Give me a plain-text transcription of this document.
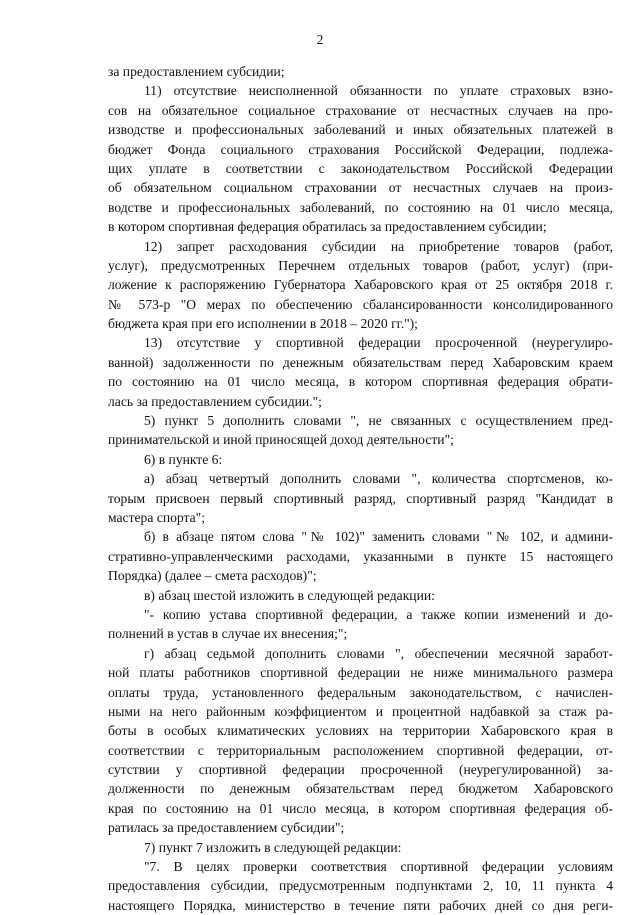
2
за предоставлением субсидии;
11) отсутствие неисполненной обязанности по уплате страховых взно-
сов на обязательное социальное страхование от несчастных случаев на про-
изводстве и профессиональных заболеваний и иных обязательных платежей в
бюджет Фонда социального страхования Российской Федерации, подлежа-
щих уплате в соответствии с законодательством Российской Федерации
об обязательном социальном страховании от несчастных случаев на произ-
водстве и профессиональных заболеваний, по состоянию на 01 число месяца,
в котором спортивная федерация обратилась за предоставлением субсидии;
12) запрет расходования субсидии на приобретение товаров (работ,
услуг), предусмотренных Перечнем отдельных товаров (работ, услуг) (при-
ложение к распоряжению Губернатора Хабаровского края от 25 октября 2018 г.
№ 573-р "О мерах по обеспечению сбалансированности консолидированного
бюджета края при его исполнении в 2018 – 2020 гг.");
13) отсутствие у спортивной федерации просроченной (неурегулиро-
ванной) задолженности по денежным обязательствам перед Хабаровским краем
по состоянию на 01 число месяца, в котором спортивная федерация обрати-
лась за предоставлением субсидии.";
5) пункт 5 дополнить словами ", не связанных с осуществлением пред-
принимательской и иной приносящей доход деятельности";
6) в пункте 6:
а) абзац четвертый дополнить словами ", количества спортсменов, ко-
торым присвоен первый спортивный разряд, спортивный разряд "Кандидат в
мастера спорта";
б) в абзаце пятом слова "№ 102)" заменить словами "№ 102, и админи-
стративно-управленческими расходами, указанными в пункте 15 настоящего
Порядка) (далее – смета расходов)";
в) абзац шестой изложить в следующей редакции:
"- копию устава спортивной федерации, а также копии изменений и до-
полнений в устав в случае их внесения;";
г) абзац седьмой дополнить словами ", обеспечении месячной заработ-
ной платы работников спортивной федерации не ниже минимального размера
оплаты труда, установленного федеральным законодательством, с начислен-
ными на него районным коэффициентом и процентной надбавкой за стаж ра-
боты в особых климатических условиях на территории Хабаровского края в
соответствии с территориальным расположением спортивной федерации, от-
сутствии у спортивной федерации просроченной (неурегулированной) за-
долженности по денежным обязательствам перед бюджетом Хабаровского
края по состоянию на 01 число месяца, в котором спортивная федерация об-
ратилась за предоставлением субсидии";
7) пункт 7 изложить в следующей редакции:
"7. В целях проверки соответствия спортивной федерации условиям
предоставления субсидии, предусмотренным подпунктами 2, 10, 11 пункта 4
настоящего Порядка, министерство в течение пяти рабочих дней со дня реги-
